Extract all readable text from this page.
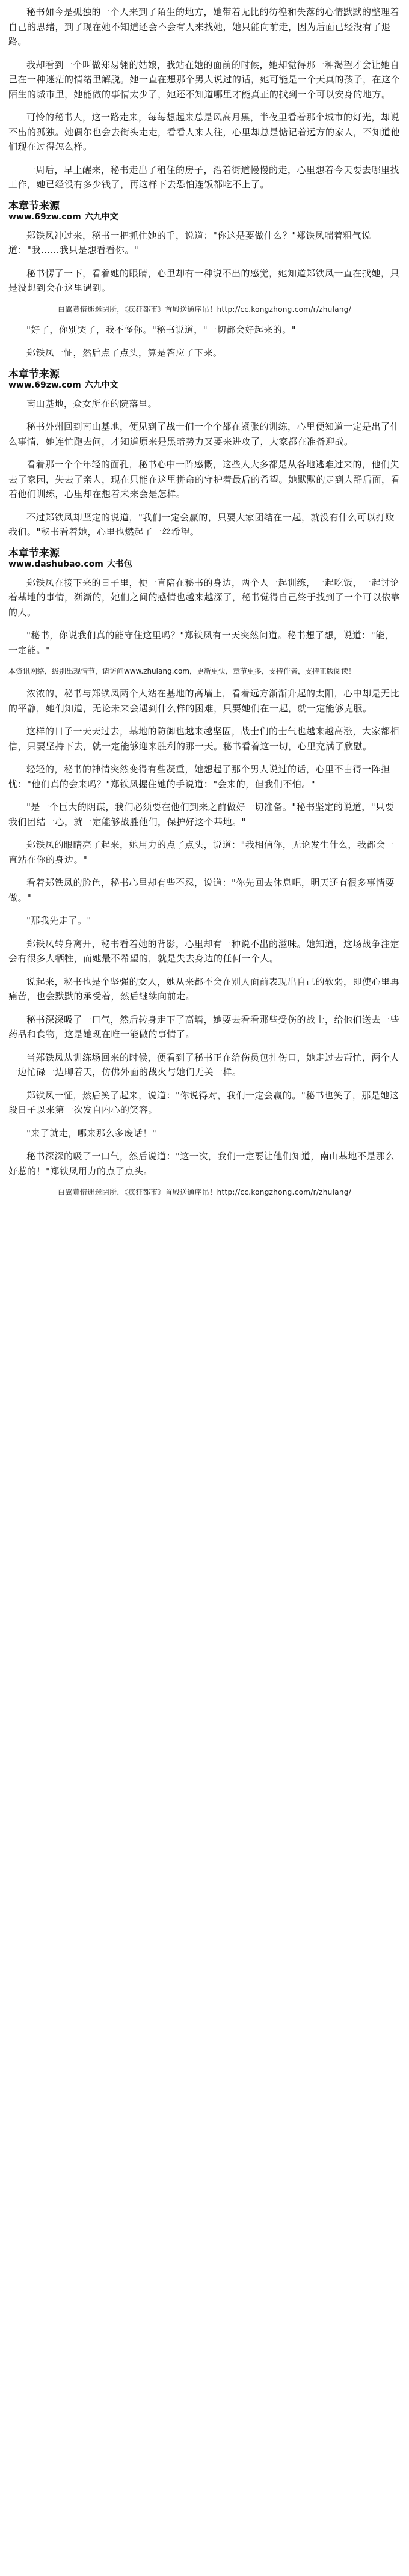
秘书如今是孤独的一个人来到了陌生的地方，她带着无比的彷徨和失落的心情默默的整理着自己的思绪，到了现在她不知道还会不会有人来找她，她只能向前走，因为后面已经没有了退路。

我却看到一个叫做郑易翎的姑娘，我站在她的面前的时候，她却觉得那一种渴望才会让她自己在一种迷茫的情绪里解脱。她一直在想那个男人说过的话，她可能是一个天真的孩子，在这个陌生的城市里，她能做的事情太少了，她还不知道哪里才能真正的找到一个可以安身的地方。

可怜的秘书人，这一路走来，每每想起来总是风高月黑，半夜里看着那个城市的灯光，却说不出的孤独。她偶尔也会去街头走走，看看人来人往，心里却总是惦记着远方的家人，不知道他们现在过得怎么样。

一周后，早上醒来，秘书走出了租住的房子，沿着街道慢慢的走，心里想着今天要去哪里找工作，她已经没有多少钱了，再这样下去恐怕连饭都吃不上了。

本章节来源
www.69zw.com 六九中文

郑铁凤冲过来，秘书一把抓住她的手，说道："你这是要做什么？"郑铁凤喘着粗气说道："我……我只是想看看你。"

秘书愣了一下，看着她的眼睛，心里却有一种说不出的感觉，她知道郑铁凤一直在找她，只是没想到会在这里遇到。

白翼黄惜迷迷閉所，《疯狂都市》首殿送通序吊！http://cc.kongzhong.com/r/zhulang/

"好了，你别哭了，我不怪你。"秘书说道，"一切都会好起来的。"

郑铁凤一怔，然后点了点头，算是答应了下来。

本章节来源
www.69zw.com 六九中文

南山基地，众女所在的院落里。

秘书外州回到南山基地，便见到了战士们一个个都在紧张的训练，心里便知道一定是出了什么事情，她连忙跑去问，才知道原来是黑暗势力又要来进攻了，大家都在准备迎战。

看着那一个个年轻的面孔，秘书心中一阵感慨，这些人大多都是从各地逃难过来的，他们失去了家园，失去了亲人，现在只能在这里拼命的守护着最后的希望。她默默的走到人群后面，看着他们训练，心里却在想着未来会是怎样。

不过郑铁凤却坚定的说道，"我们一定会赢的，只要大家团结在一起，就没有什么可以打败我们。"秘书看着她，心里也燃起了一丝希望。

本章节来源
www.dashubao.com 大书包

郑铁凤在接下来的日子里，便一直陪在秘书的身边，两个人一起训练，一起吃饭，一起讨论着基地的事情，渐渐的，她们之间的感情也越来越深了，秘书觉得自己终于找到了一个可以依靠的人。

"秘书，你说我们真的能守住这里吗？"郑铁凤有一天突然问道。秘书想了想，说道："能，一定能。"

本资讯网络，级别出现情节，请访问www.zhulang.com，更新更快，章节更多，支持作者，支持正版阅读！

浓浓的，秘书与郑铁凤两个人站在基地的高墙上，看着远方渐渐升起的太阳，心中却是无比的平静，她们知道，无论未来会遇到什么样的困难，只要她们在一起，就一定能够克服。

这样的日子一天天过去，基地的防御也越来越坚固，战士们的士气也越来越高涨，大家都相信，只要坚持下去，就一定能够迎来胜利的那一天。秘书看着这一切，心里充满了欣慰。

轻轻的，秘书的神情突然变得有些凝重，她想起了那个男人说过的话，心里不由得一阵担忧："他们真的会来吗？"郑铁凤握住她的手说道："会来的，但我们不怕。"

"是一个巨大的阴谋，我们必须要在他们到来之前做好一切准备。"秘书坚定的说道，"只要我们团结一心，就一定能够战胜他们，保护好这个基地。"

郑铁凤的眼睛亮了起来，她用力的点了点头，说道："我相信你，无论发生什么，我都会一直站在你的身边。"

看着郑铁凤的脸色，秘书心里却有些不忍，说道："你先回去休息吧，明天还有很多事情要做。"

"那我先走了。"

郑铁凤转身离开，秘书看着她的背影，心里却有一种说不出的滋味。她知道，这场战争注定会有很多人牺牲，而她最不希望的，就是失去身边的任何一个人。

说起来，秘书也是个坚强的女人，她从来都不会在别人面前表现出自己的软弱，即使心里再痛苦，也会默默的承受着，然后继续向前走。

秘书深深吸了一口气，然后转身走下了高墙，她要去看看那些受伤的战士，给他们送去一些药品和食物，这是她现在唯一能做的事情了。

当郑铁凤从训练场回来的时候，便看到了秘书正在给伤员包扎伤口，她走过去帮忙，两个人一边忙碌一边聊着天，仿佛外面的战火与她们无关一样。

郑铁凤一怔，然后笑了起来，说道："你说得对，我们一定会赢的。"秘书也笑了，那是她这段日子以来第一次发自内心的笑容。

"来了就走，哪来那么多废话！"

秘书深深的吸了一口气，然后说道："这一次，我们一定要让他们知道，南山基地不是那么好惹的！"郑铁凤用力的点了点头。

白翼黄惜迷迷閉所，《疯狂都市》首殿送通序吊！http://cc.kongzhong.com/r/zhulang/
